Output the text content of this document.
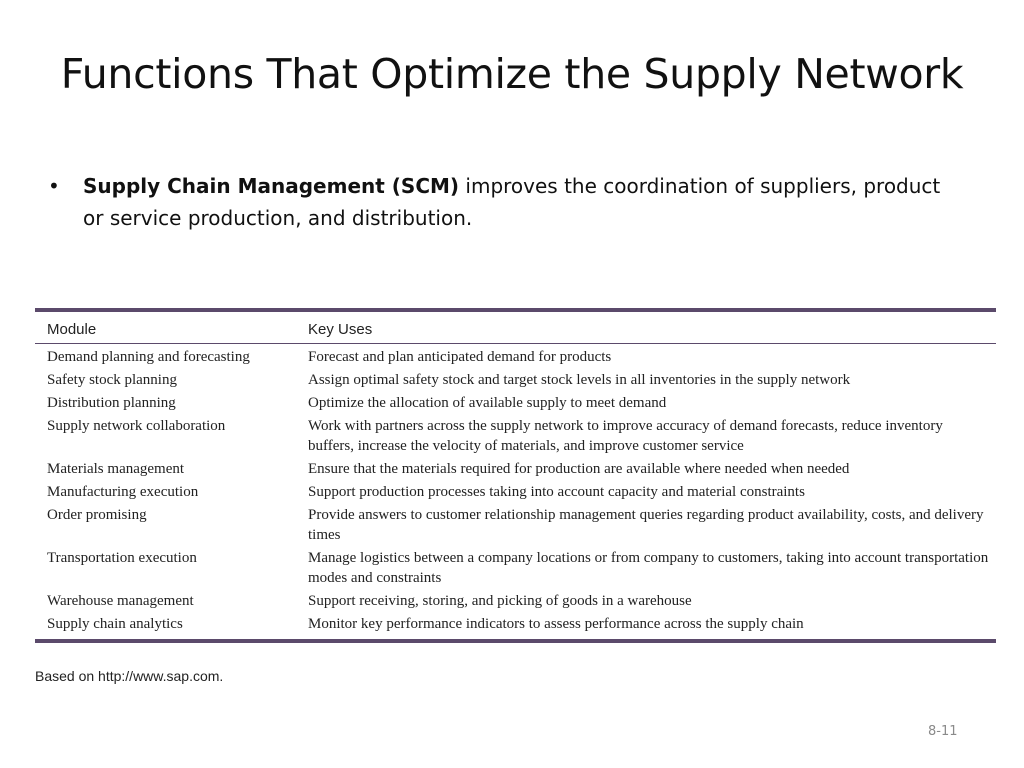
Functions That Optimize the Supply Network
•	Supply Chain Management (SCM) improves the coordination of suppliers, product or service production, and distribution.
Module	Key Uses
Demand planning and forecasting	Forecast and plan anticipated demand for products
Safety stock planning	Assign optimal safety stock and target stock levels in all inventories in the supply network
Distribution planning	Optimize the allocation of available supply to meet demand
Supply network collaboration	Work with partners across the supply network to improve accuracy of demand forecasts, reduce inventory buffers, increase the velocity of materials, and improve customer service
Materials management	Ensure that the materials required for production are available where needed when needed
Manufacturing execution	Support production processes taking into account capacity and material constraints
Order promising	Provide answers to customer relationship management queries regarding product availability, costs, and delivery times
Transportation execution	Manage logistics between a company locations or from company to customers, taking into account transportation modes and constraints
Warehouse management	Support receiving, storing, and picking of goods in a warehouse
Supply chain analytics	Monitor key performance indicators to assess performance across the supply chain
Based on http://www.sap.com.
8-11
